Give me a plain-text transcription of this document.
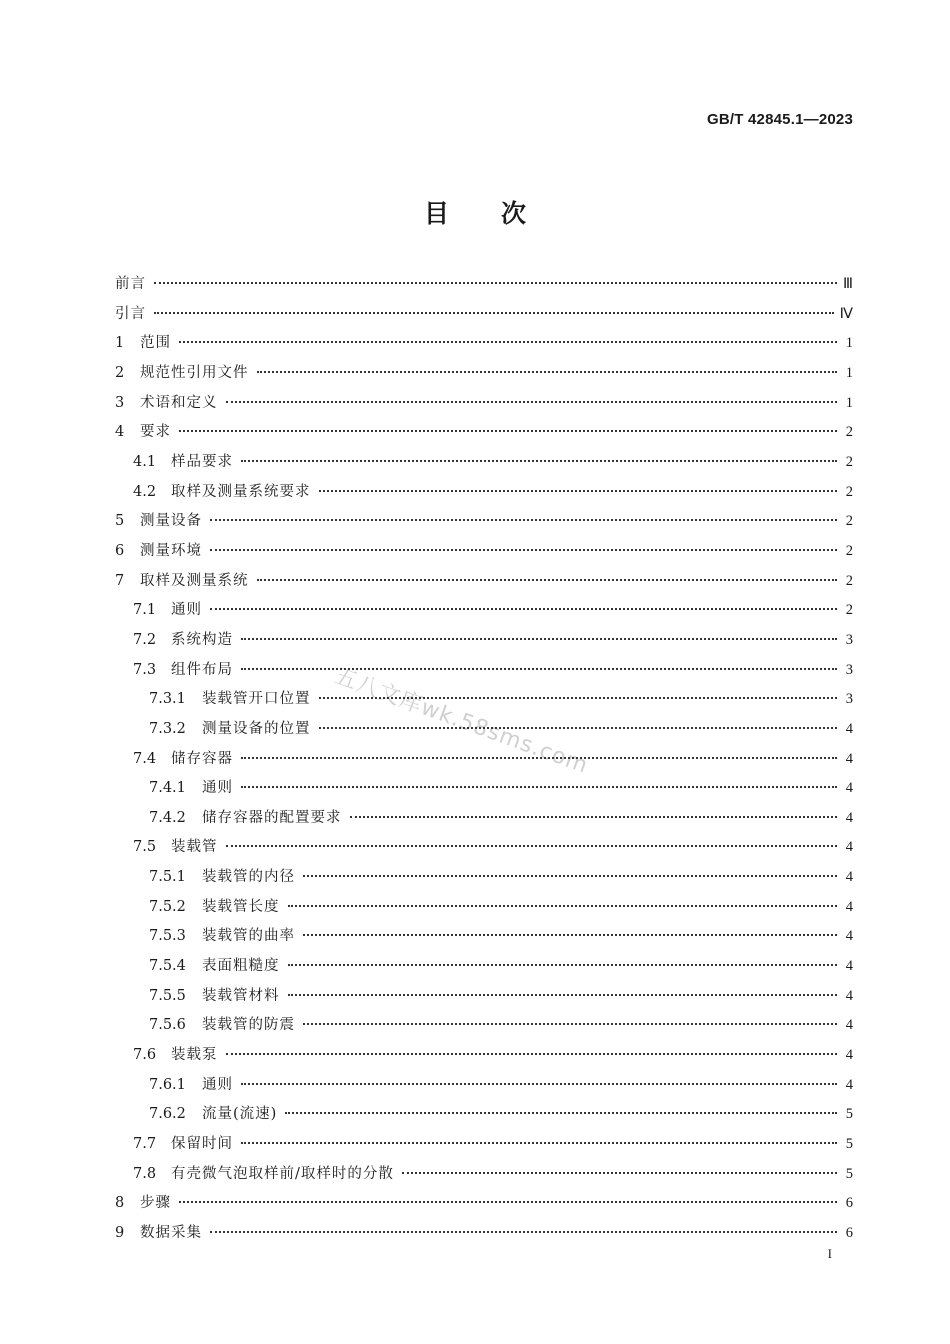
GB/T 42845.1—2023
目次
五八文库wk.58sms.com
前言	Ⅲ
引言	Ⅳ
1	范围	1
2	规范性引用文件	1
3	术语和定义	1
4	要求	2
4.1	样品要求	2
4.2	取样及测量系统要求	2
5	测量设备	2
6	测量环境	2
7	取样及测量系统	2
7.1	通则	2
7.2	系统构造	3
7.3	组件布局	3
7.3.1	装载管开口位置	3
7.3.2	测量设备的位置	4
7.4	储存容器	4
7.4.1	通则	4
7.4.2	储存容器的配置要求	4
7.5	装载管	4
7.5.1	装载管的内径	4
7.5.2	装载管长度	4
7.5.3	装载管的曲率	4
7.5.4	表面粗糙度	4
7.5.5	装载管材料	4
7.5.6	装载管的防震	4
7.6	装载泵	4
7.6.1	通则	4
7.6.2	流量(流速)	5
7.7	保留时间	5
7.8	有壳微气泡取样前/取样时的分散	5
8	步骤	6
9	数据采集	6
I
